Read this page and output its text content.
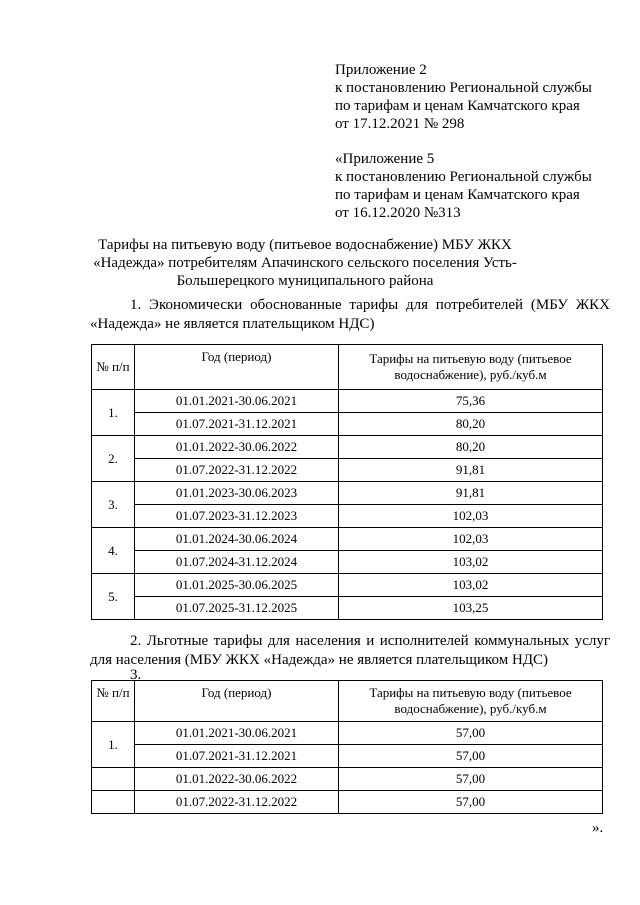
Приложение 2
к постановлению Региональной службы
по тарифам и ценам Камчатского края
от 17.12.2021 № 298
«Приложение 5
к постановлению Региональной службы
по тарифам и ценам Камчатского края
от 16.12.2020 №313
Тарифы на питьевую воду (питьевое водоснабжение) МБУ ЖКХ «Надежда» потребителям Апачинского сельского поселения Усть- Большерецкого муниципального района
1. Экономически обоснованные тарифы для потребителей (МБУ ЖКХ «Надежда» не является плательщиком НДС)
№ п/п	Год (период)	Тарифы на питьевую воду (питьевое водоснабжение), руб./куб.м
1.	01.01.2021-30.06.2021	75,36
	01.07.2021-31.12.2021	80,20
2.	01.01.2022-30.06.2022	80,20
	01.07.2022-31.12.2022	91,81
3.	01.01.2023-30.06.2023	91,81
	01.07.2023-31.12.2023	102,03
4.	01.01.2024-30.06.2024	102,03
	01.07.2024-31.12.2024	103,02
5.	01.01.2025-30.06.2025	103,02
	01.07.2025-31.12.2025	103,25
2. Льготные тарифы для населения и исполнителей коммунальных услуг для населения (МБУ ЖКХ «Надежда» не является плательщиком НДС)
3.
№ п/п	Год (период)	Тарифы на питьевую воду (питьевое водоснабжение), руб./куб.м
1.	01.01.2021-30.06.2021	57,00
	01.07.2021-31.12.2021	57,00
	01.01.2022-30.06.2022	57,00
	01.07.2022-31.12.2022	57,00
».
